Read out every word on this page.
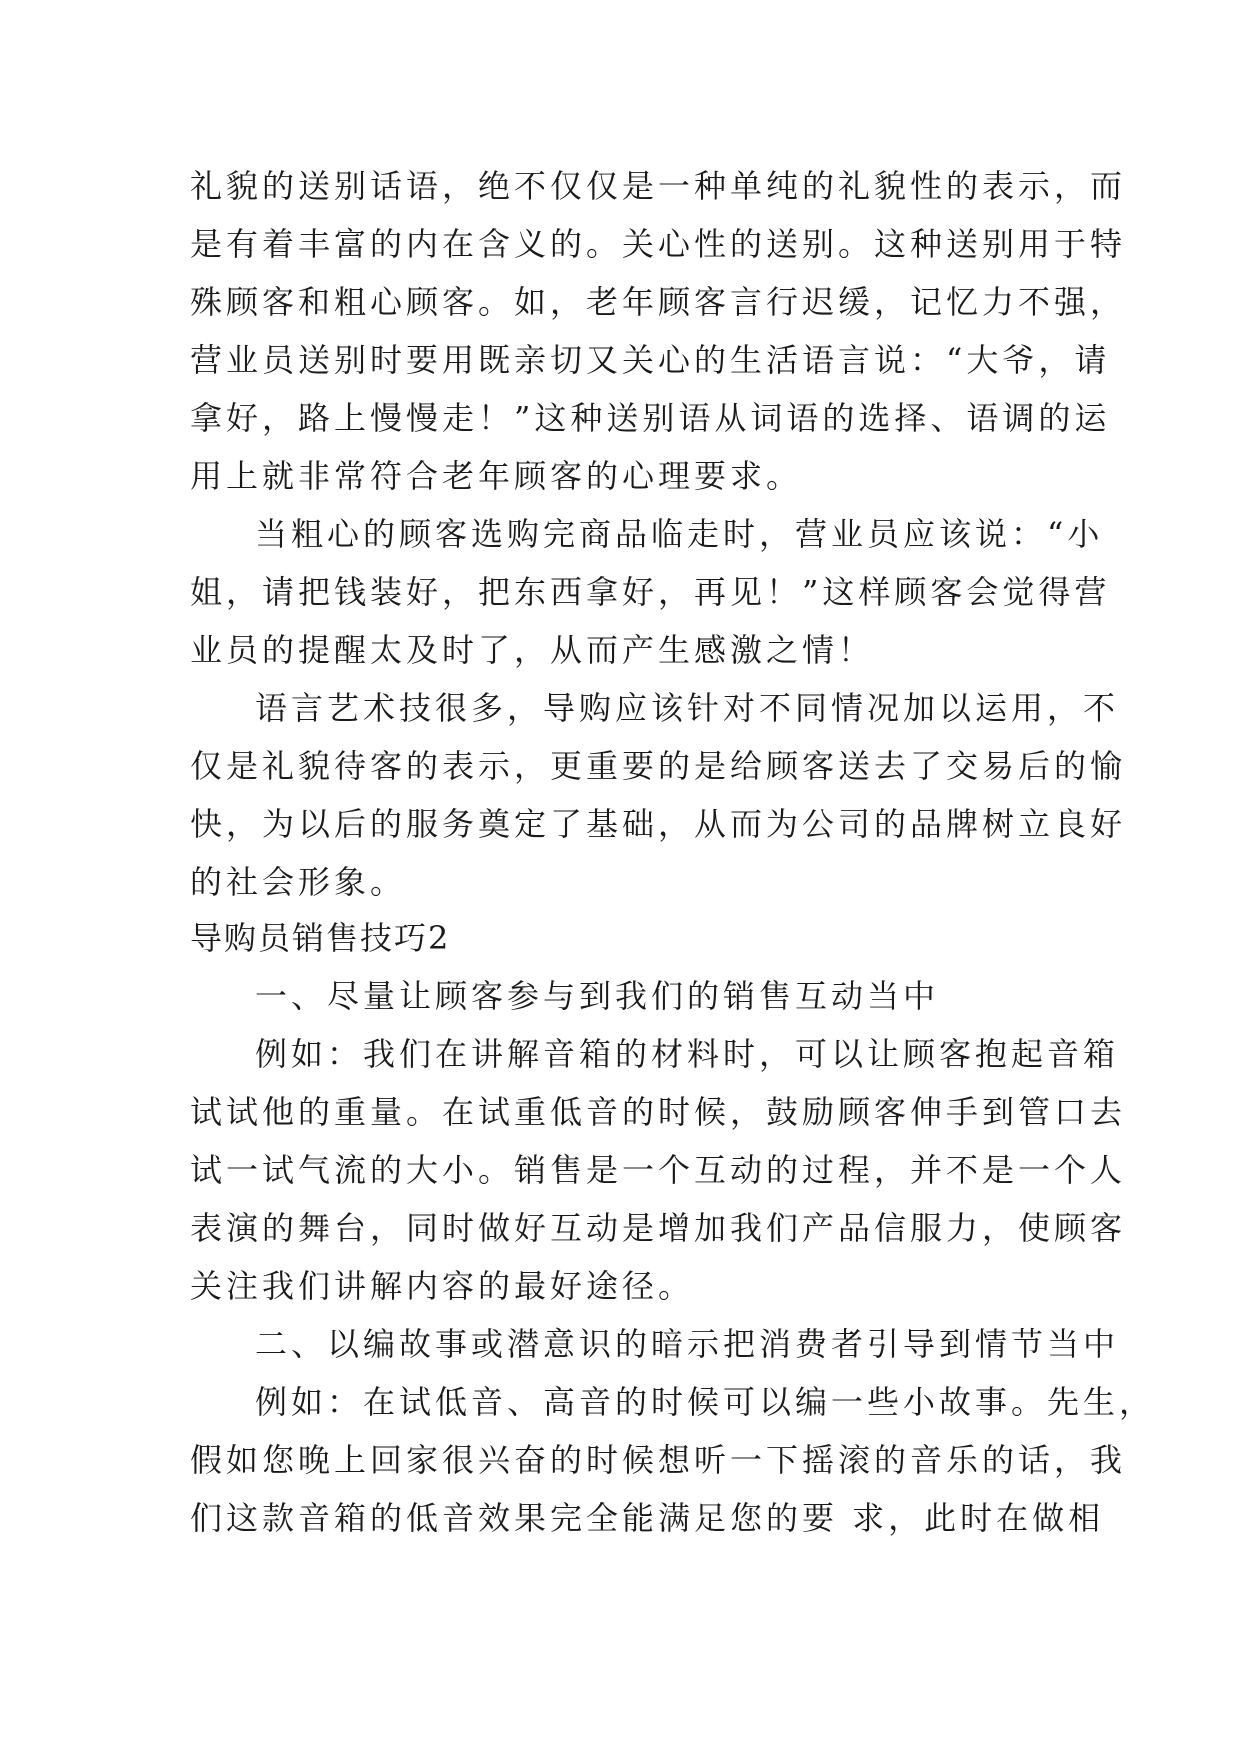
礼貌的送别话语，绝不仅仅是一种单纯的礼貌性的表示，而

是有着丰富的内在含义的。关心性的送别。这种送别用于特

殊顾客和粗心顾客。如，老年顾客言行迟缓，记忆力不强，

营业员送别时要用既亲切又关心的生活语言说：“大爷，请

拿好，路上慢慢走！”这种送别语从词语的选择、语调的运

用上就非常符合老年顾客的心理要求。

当粗心的顾客选购完商品临走时，营业员应该说：“小

姐，请把钱装好，把东西拿好，再见！”这样顾客会觉得营

业员的提醒太及时了，从而产生感激之情！

语言艺术技很多，导购应该针对不同情况加以运用，不

仅是礼貌待客的表示，更重要的是给顾客送去了交易后的愉

快，为以后的服务奠定了基础，从而为公司的品牌树立良好

的社会形象。

导购员销售技巧2

一、尽量让顾客参与到我们的销售互动当中

例如：我们在讲解音箱的材料时，可以让顾客抱起音箱

试试他的重量。在试重低音的时候，鼓励顾客伸手到管口去

试一试气流的大小。销售是一个互动的过程，并不是一个人

表演的舞台，同时做好互动是增加我们产品信服力，使顾客

关注我们讲解内容的最好途径。

二、以编故事或潜意识的暗示把消费者引导到情节当中

例如：在试低音、高音的时候可以编一些小故事。先生，

假如您晚上回家很兴奋的时候想听一下摇滚的音乐的话，我

们这款音箱的低音效果完全能满足您的要 求，此时在做相
